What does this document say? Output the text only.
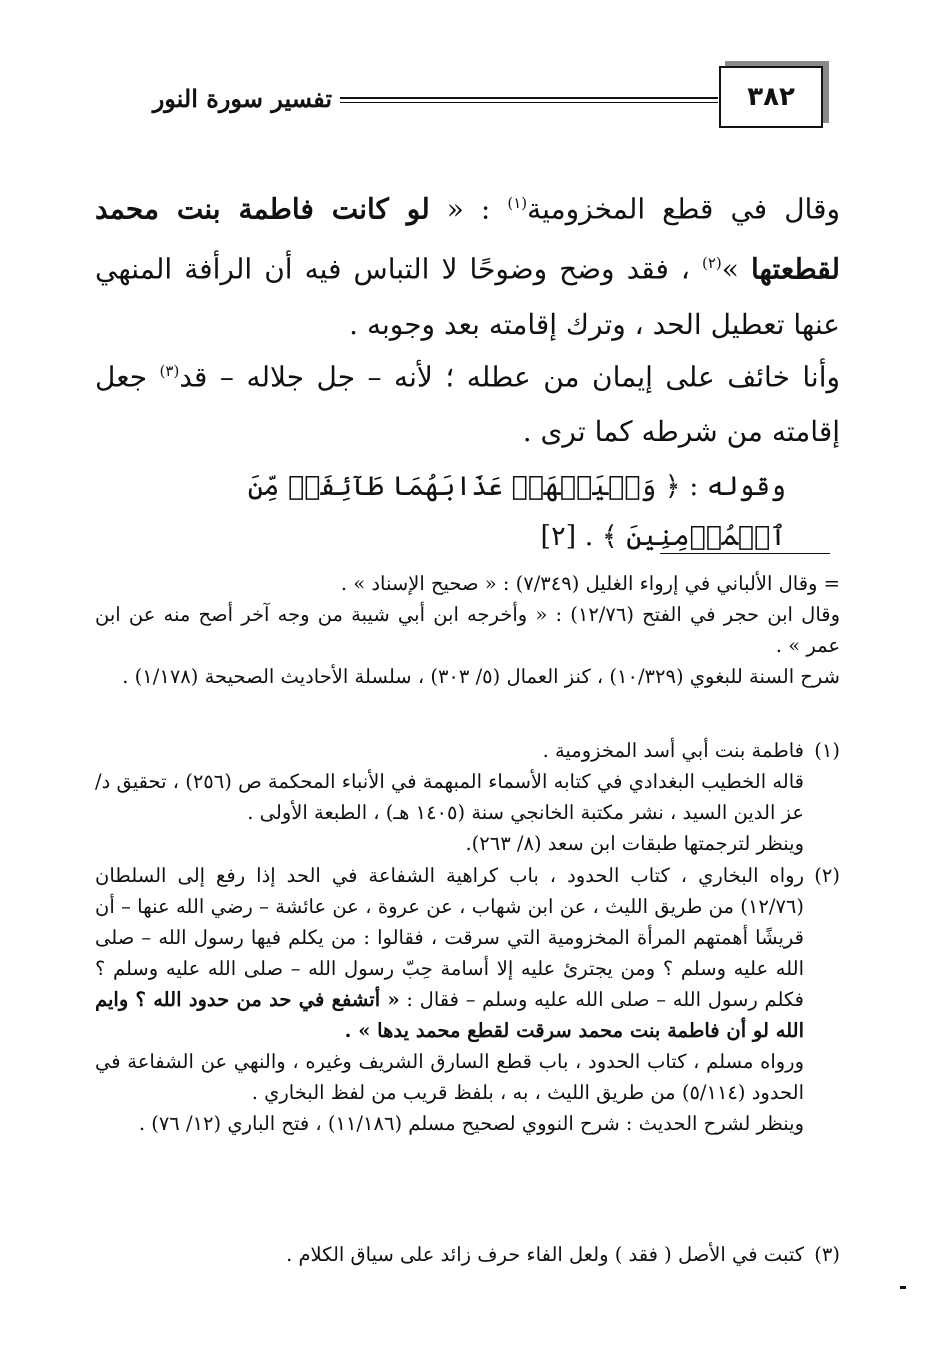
٣٨٢
تفسير سورة النور
وقال في قطع المخزومية$^{(١)}$ : « لو كانت فاطمة بنت محمد لقطعتها »$^{(٢)}$ ، فقد وضح وضوحًا لا التباس فيه أن الرأفة المنهي عنها تعطيل الحد ، وترك إقامته بعد وجوبه .
وأنا خائف على إيمان من عطله ؛ لأنه – جل جلاله – قد$^{(٣)}$ جعل إقامته من شرطه كما ترى .
وقوله : ﴿ وَلۡيَشۡهَدۡ عَذَابَهُمَا طَآئِفَةٞ مِّنَ ٱلۡمُؤۡمِنِينَ ﴾ . [٢]
= وقال الألباني في إرواء الغليل (٧/٣٤٩) : « صحيح الإسناد » .
وقال ابن حجر في الفتح (١٢/٧٦) : « وأخرجه ابن أبي شيبة من وجه آخر أصح منه عن ابن عمر » .
شرح السنة للبغوي (١٠/٣٢٩) ، كنز العمال (٥/ ٣٠٣) ، سلسلة الأحاديث الصحيحة (١/١٧٨) .
(١)فاطمة بنت أبي أسد المخزومية .
قاله الخطيب البغدادي في كتابه الأسماء المبهمة في الأنباء المحكمة ص (٢٥٦) ، تحقيق د/عز الدين السيد ، نشر مكتبة الخانجي سنة (١٤٠٥ هـ) ، الطبعة الأولى .
وينظر لترجمتها طبقات ابن سعد (٨/ ٢٦٣).
(٢)
رواه البخاري ، كتاب الحدود ، باب كراهية الشفاعة في الحد إذا رفع إلى السلطان (١٢/٧٦) من طريق الليث ، عن ابن شهاب ، عن عروة ، عن عائشة – رضي الله عنها – أن قريشًا أهمتهم المرأة المخزومية التي سرقت ، فقالوا : من يكلم فيها رسول الله – صلى الله عليه وسلم ؟ ومن يجترئ عليه إلا أسامة حِبّ رسول الله – صلى الله عليه وسلم ؟ فكلم رسول الله – صلى الله عليه وسلم – فقال : « أتشفع في حد من حدود الله ؟ وايم الله لو أن فاطمة بنت محمد سرقت لقطع محمد يدها » .
ورواه مسلم ، كتاب الحدود ، باب قطع السارق الشريف وغيره ، والنهي عن الشفاعة في الحدود (٥/١١٤) من طريق الليث ، به ، بلفظ قريب من لفظ البخاري .
وينظر لشرح الحديث : شرح النووي لصحيح مسلم (١١/١٨٦) ، فتح الباري (١٢/ ٧٦) .
(٣)كتبت في الأصل ( فقد ) ولعل الفاء حرف زائد على سياق الكلام .
